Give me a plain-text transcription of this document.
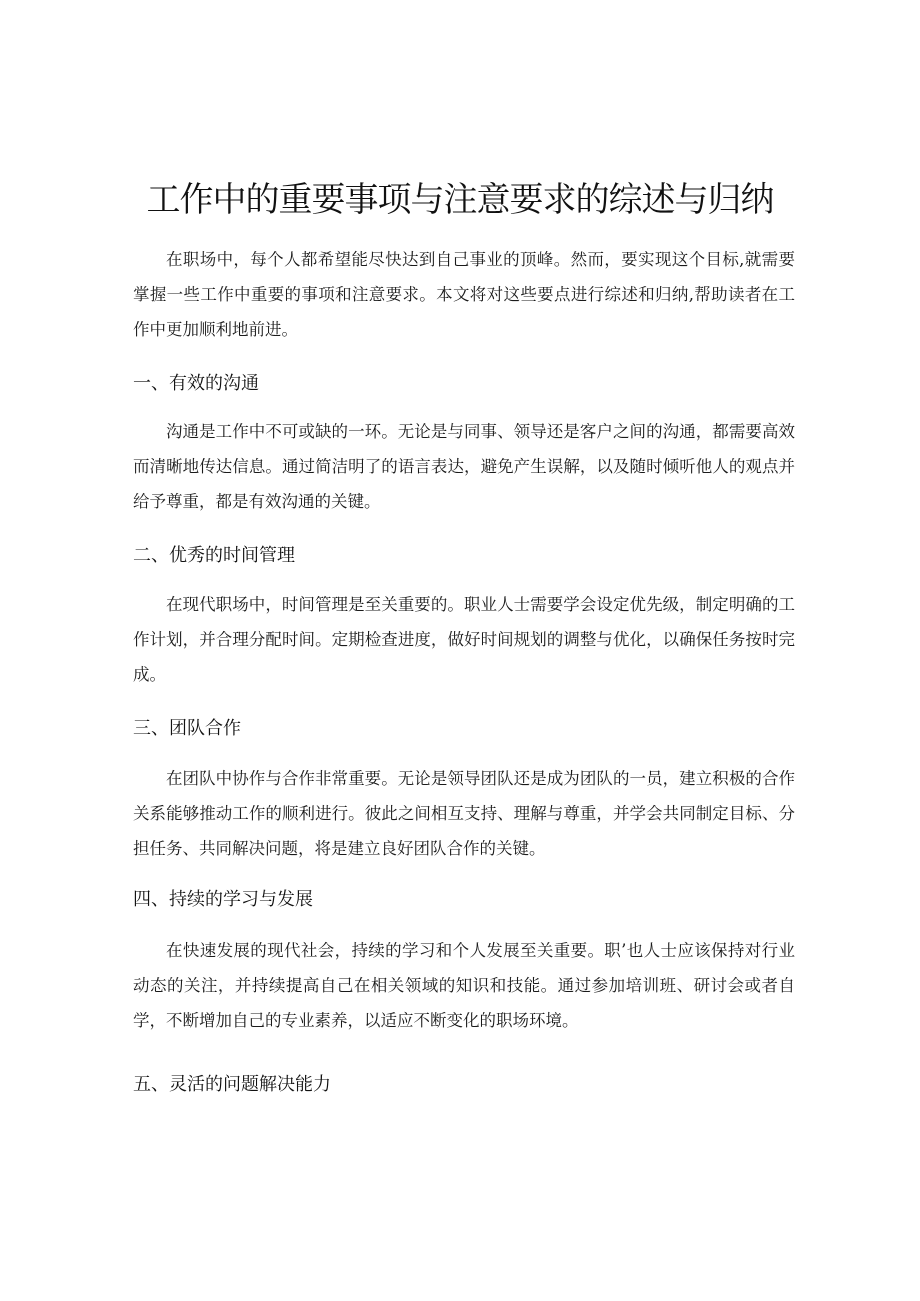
工作中的重要事项与注意要求的综述与归纳

在职场中，每个人都希望能尽快达到自己事业的顶峰。然而，要实现这个目标,就需要掌握一些工作中重要的事项和注意要求。本文将对这些要点进行综述和归纳,帮助读者在工作中更加顺利地前进。

一、有效的沟通

沟通是工作中不可或缺的一环。无论是与同事、领导还是客户之间的沟通，都需要高效而清晰地传达信息。通过简洁明了的语言表达，避免产生误解，以及随时倾听他人的观点并给予尊重，都是有效沟通的关键。

二、优秀的时间管理

在现代职场中，时间管理是至关重要的。职业人士需要学会设定优先级，制定明确的工作计划，并合理分配时间。定期检查进度，做好时间规划的调整与优化，以确保任务按时完成。

三、团队合作

在团队中协作与合作非常重要。无论是领导团队还是成为团队的一员，建立积极的合作关系能够推动工作的顺利进行。彼此之间相互支持、理解与尊重，并学会共同制定目标、分担任务、共同解决问题，将是建立良好团队合作的关键。

四、持续的学习与发展

在快速发展的现代社会，持续的学习和个人发展至关重要。职’也人士应该保持对行业动态的关注，并持续提高自己在相关领域的知识和技能。通过参加培训班、研讨会或者自学，不断增加自己的专业素养，以适应不断变化的职场环境。

五、灵活的问题解决能力
